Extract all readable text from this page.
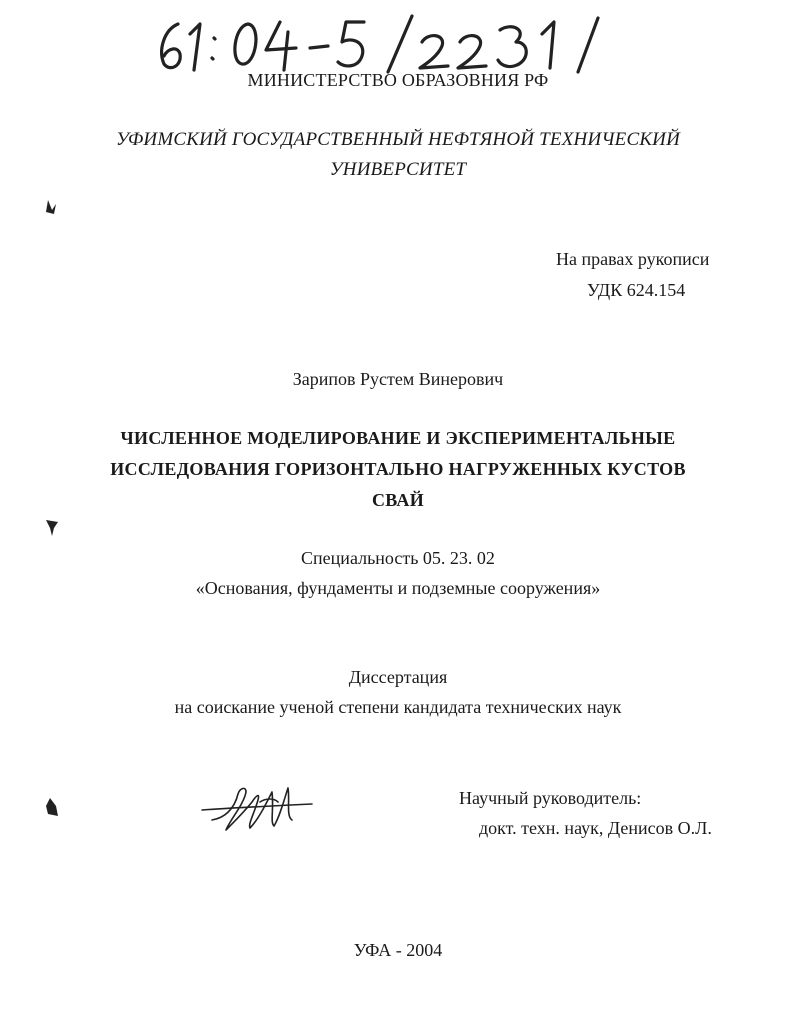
МИНИСТЕРСТВО ОБРАЗОВНИЯ РФ
УФИМСКИЙ ГОСУДАРСТВЕННЫЙ НЕФТЯНОЙ ТЕХНИЧЕСКИЙ
УНИВЕРСИТЕТ
На правах рукописи
УДК 624.154
Зарипов Рустем Винерович
ЧИСЛЕННОЕ МОДЕЛИРОВАНИЕ И ЭКСПЕРИМЕНТАЛЬНЫЕ
ИССЛЕДОВАНИЯ ГОРИЗОНТАЛЬНО НАГРУЖЕННЫХ КУСТОВ
СВАЙ
Специальность 05. 23. 02
«Основания, фундаменты и подземные сооружения»
Диссертация
на соискание ученой степени кандидата технических наук
Научный руководитель:
докт. техн. наук, Денисов О.Л.
УФА - 2004
